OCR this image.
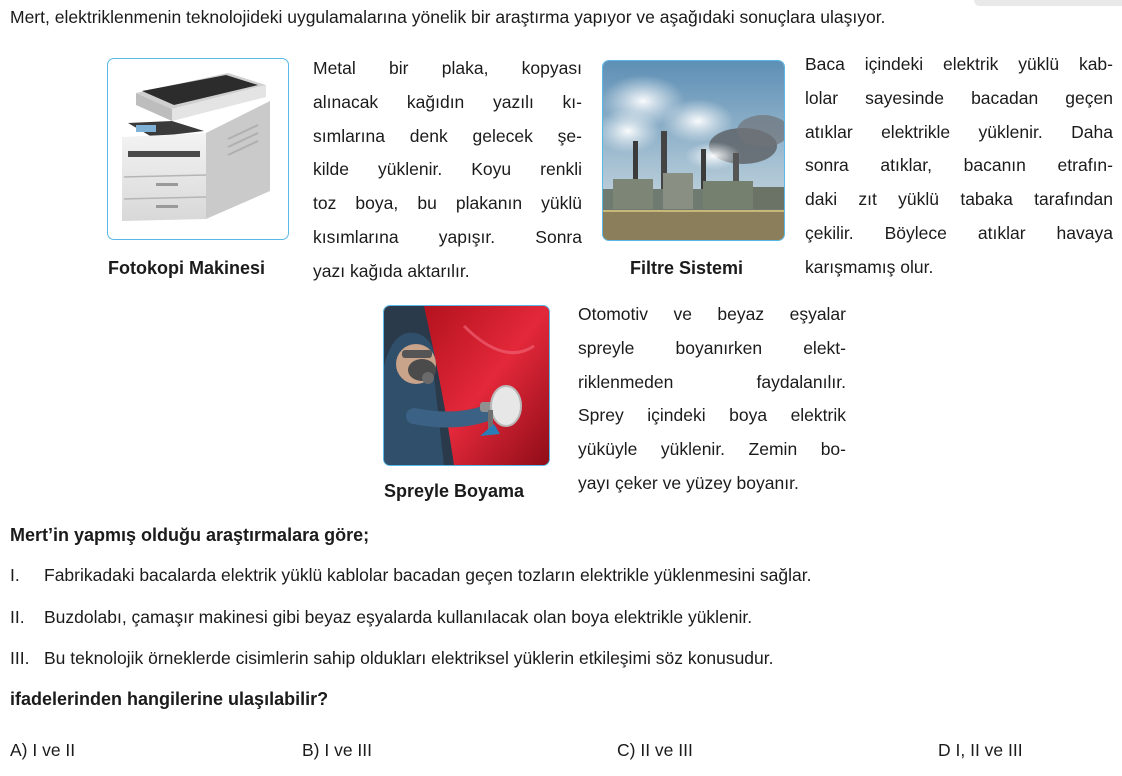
Mert, elektriklenmenin teknolojideki uygulamalarına yönelik bir araştırma yapıyor ve aşağıdaki sonuçlara ulaşıyor.
Fotokopi Makinesi
Metal bir plaka, kopyası
alınacak kağıdın yazılı kı-
sımlarına denk gelecek şe-
kilde yüklenir. Koyu renkli
toz boya, bu plakanın yüklü
kısımlarına yapışır. Sonra
yazı kağıda aktarılır.	Filtre Sistemi
Baca içindeki elektrik yüklü kab-
lolar sayesinde bacadan geçen
atıklar elektrikle yüklenir. Daha
sonra atıklar, bacanın etrafın-
daki zıt yüklü tabaka tarafından
çekilir. Böylece atıklar havaya
karışmamış olur.
Spreyle Boyama
Otomotiv ve beyaz eşyalar
spreyle boyanırken elekt-
riklenmeden faydalanılır.
Sprey içindeki boya elektrik
yüküyle yüklenir. Zemin bo-
yayı çeker ve yüzey boyanır.
Mert’in yapmış olduğu araştırmalara göre;
I. Fabrikadaki bacalarda elektrik yüklü kablolar bacadan geçen tozların elektrikle yüklenmesini sağlar.
II. Buzdolabı, çamaşır makinesi gibi beyaz eşyalarda kullanılacak olan boya elektrikle yüklenir.
III. Bu teknolojik örneklerde cisimlerin sahip oldukları elektriksel yüklerin etkileşimi söz konusudur.
ifadelerinden hangilerine ulaşılabilir?
A) I ve II	B) I ve III	C) II ve III	D I, II ve III
